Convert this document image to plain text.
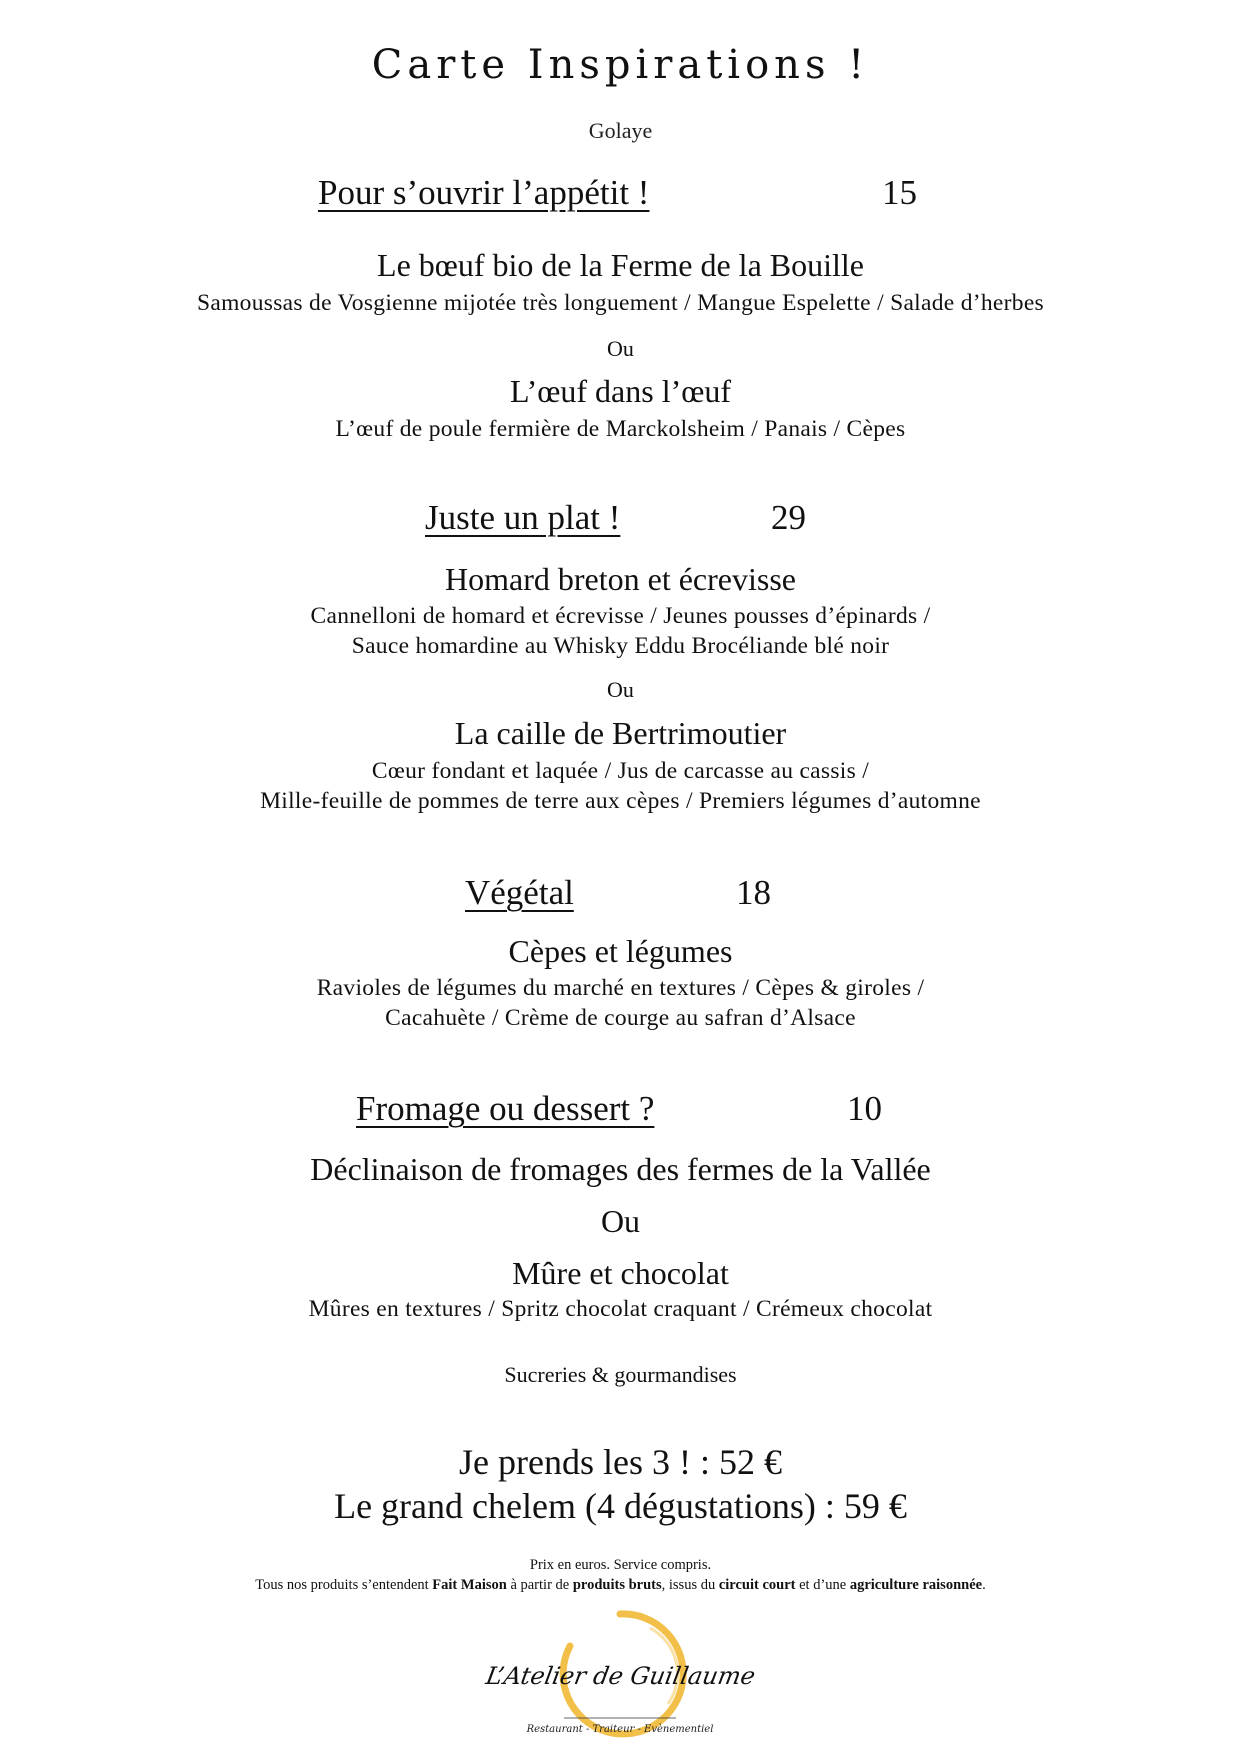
Carte Inspirations !
Golaye
Pour s’ouvrir l’appétit !	15
Le bœuf bio de la Ferme de la Bouille
Samoussas de Vosgienne mijotée très longuement / Mangue Espelette / Salade d’herbes
Ou
L’œuf dans l’œuf
L’œuf de poule fermière de Marckolsheim / Panais / Cèpes
Juste un plat !	29
Homard breton et écrevisse
Cannelloni de homard et écrevisse / Jeunes pousses d’épinards /
Sauce homardine au Whisky Eddu Brocéliande blé noir
Ou
La caille de Bertrimoutier
Cœur fondant et laquée / Jus de carcasse au cassis /
Mille-feuille de pommes de terre aux cèpes / Premiers légumes d’automne
Végétal	18
Cèpes et légumes
Ravioles de légumes du marché en textures / Cèpes & giroles /
Cacahuète / Crème de courge au safran d’Alsace
Fromage ou dessert ?	10
Déclinaison de fromages des fermes de la Vallée
Ou
Mûre et chocolat
Mûres en textures / Spritz chocolat craquant / Crémeux chocolat
Sucreries & gourmandises
Je prends les 3 ! : 52 €
Le grand chelem (4 dégustations) : 59 €
Prix en euros. Service compris.
Tous nos produits s’entendent Fait Maison à partir de produits bruts, issus du circuit court et d’une agriculture raisonnée.
L’Atelier de Guillaume
Restaurant - Traiteur - Evènementiel
